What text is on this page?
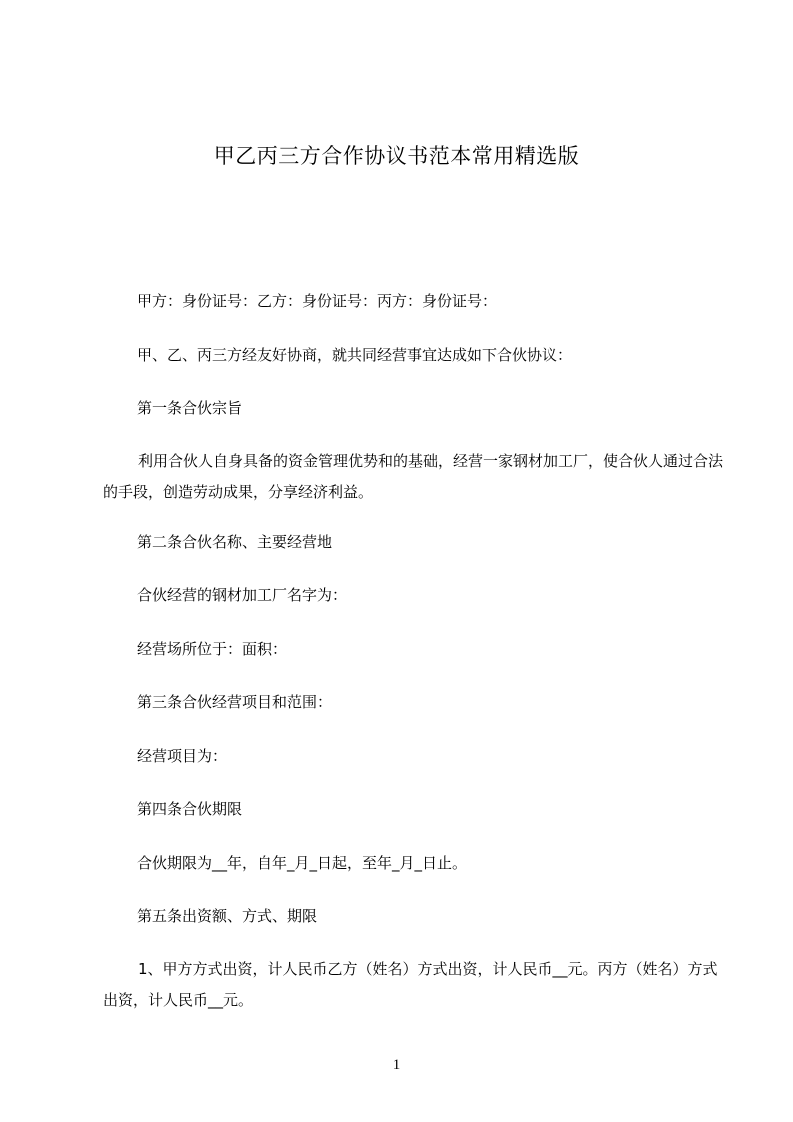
甲乙丙三方合作协议书范本常用精选版
甲方：身份证号：乙方：身份证号：丙方：身份证号：
甲、乙、丙三方经友好协商，就共同经营事宜达成如下合伙协议：
第一条合伙宗旨
利用合伙人自身具备的资金管理优势和的基础，经营一家钢材加工厂，使合伙人通过合法的手段，创造劳动成果，分享经济利益。
第二条合伙名称、主要经营地
合伙经营的钢材加工厂名字为：
经营场所位于：面积：
第三条合伙经营项目和范围：
经营项目为：
第四条合伙期限
合伙期限为__年，自年_月_日起，至年_月_日止。
第五条出资额、方式、期限
1、甲方方式出资，计人民币乙方（姓名）方式出资，计人民币__元。丙方（姓名）方式出资，计人民币__元。
1
